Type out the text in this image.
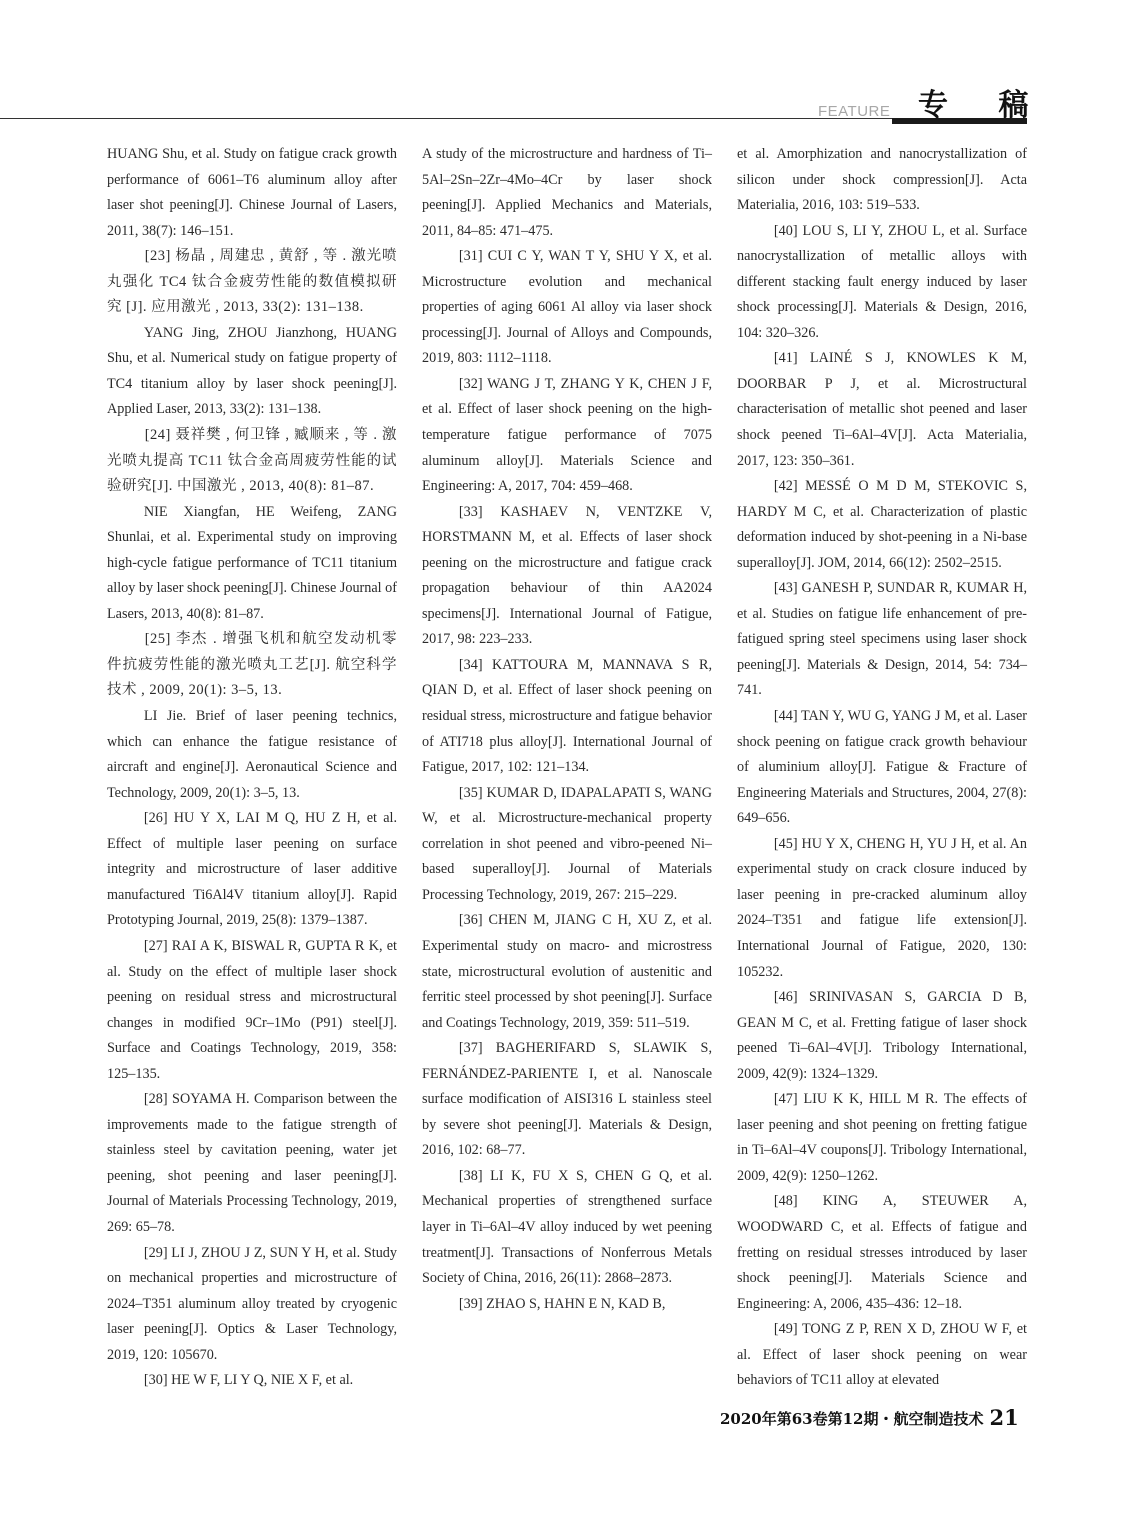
FEATURE 专 稿

HUANG Shu, et al. Study on fatigue crack growth performance of 6061–T6 aluminum alloy after laser shot peening[J]. Chinese Journal of Lasers, 2011, 38(7): 146–151.

[23] 杨晶 , 周建忠 , 黄舒 , 等 . 激光喷丸强化 TC4 钛合金疲劳性能的数值模拟研究 [J]. 应用激光 , 2013, 33(2): 131–138.

YANG Jing, ZHOU Jianzhong, HUANG Shu, et al. Numerical study on fatigue property of TC4 titanium alloy by laser shock peening[J]. Applied Laser, 2013, 33(2): 131–138.

[24] 聂祥樊 , 何卫锋 , 臧顺来 , 等 . 激光喷丸提高 TC11 钛合金高周疲劳性能的试验研究[J]. 中国激光 , 2013, 40(8): 81–87.

NIE Xiangfan, HE Weifeng, ZANG Shunlai, et al. Experimental study on improving high-cycle fatigue performance of TC11 titanium alloy by laser shock peening[J]. Chinese Journal of Lasers, 2013, 40(8): 81–87.

[25] 李杰 . 增强飞机和航空发动机零件抗疲劳性能的激光喷丸工艺[J]. 航空科学技术 , 2009, 20(1): 3–5, 13.

LI Jie. Brief of laser peening technics, which can enhance the fatigue resistance of aircraft and engine[J]. Aeronautical Science and Technology, 2009, 20(1): 3–5, 13.

[26] HU Y X, LAI M Q, HU Z H, et al. Effect of multiple laser peening on surface integrity and microstructure of laser additive manufactured Ti6Al4V titanium alloy[J]. Rapid Prototyping Journal, 2019, 25(8): 1379–1387.

[27] RAI A K, BISWAL R, GUPTA R K, et al. Study on the effect of multiple laser shock peening on residual stress and microstructural changes in modified 9Cr–1Mo (P91) steel[J]. Surface and Coatings Technology, 2019, 358: 125–135.

[28] SOYAMA H. Comparison between the improvements made to the fatigue strength of stainless steel by cavitation peening, water jet peening, shot peening and laser peening[J]. Journal of Materials Processing Technology, 2019, 269: 65–78.

[29] LI J, ZHOU J Z, SUN Y H, et al. Study on mechanical properties and microstructure of 2024–T351 aluminum alloy treated by cryogenic laser peening[J]. Optics & Laser Technology, 2019, 120: 105670.

[30] HE W F, LI Y Q, NIE X F, et al.

A study of the microstructure and hardness of Ti–5Al–2Sn–2Zr–4Mo–4Cr by laser shock peening[J]. Applied Mechanics and Materials, 2011, 84–85: 471–475.

[31] CUI C Y, WAN T Y, SHU Y X, et al. Microstructure evolution and mechanical properties of aging 6061 Al alloy via laser shock processing[J]. Journal of Alloys and Compounds, 2019, 803: 1112–1118.

[32] WANG J T, ZHANG Y K, CHEN J F, et al. Effect of laser shock peening on the high-temperature fatigue performance of 7075 aluminum alloy[J]. Materials Science and Engineering: A, 2017, 704: 459–468.

[33] KASHAEV N, VENTZKE V, HORSTMANN M, et al. Effects of laser shock peening on the microstructure and fatigue crack propagation behaviour of thin AA2024 specimens[J]. International Journal of Fatigue, 2017, 98: 223–233.

[34] KATTOURA M, MANNAVA S R, QIAN D, et al. Effect of laser shock peening on residual stress, microstructure and fatigue behavior of ATI718 plus alloy[J]. International Journal of Fatigue, 2017, 102: 121–134.

[35] KUMAR D, IDAPALAPATI S, WANG W, et al. Microstructure-mechanical property correlation in shot peened and vibro-peened Ni–based superalloy[J]. Journal of Materials Processing Technology, 2019, 267: 215–229.

[36] CHEN M, JIANG C H, XU Z, et al. Experimental study on macro- and microstress state, microstructural evolution of austenitic and ferritic steel processed by shot peening[J]. Surface and Coatings Technology, 2019, 359: 511–519.

[37] BAGHERIFARD S, SLAWIK S, FERNÁNDEZ-PARIENTE I, et al. Nanoscale surface modification of AISI316 L stainless steel by severe shot peening[J]. Materials & Design, 2016, 102: 68–77.

[38] LI K, FU X S, CHEN G Q, et al. Mechanical properties of strengthened surface layer in Ti–6Al–4V alloy induced by wet peening treatment[J]. Transactions of Nonferrous Metals Society of China, 2016, 26(11): 2868–2873.

[39] ZHAO S, HAHN E N, KAD B,

et al. Amorphization and nanocrystallization of silicon under shock compression[J]. Acta Materialia, 2016, 103: 519–533.

[40] LOU S, LI Y, ZHOU L, et al. Surface nanocrystallization of metallic alloys with different stacking fault energy induced by laser shock processing[J]. Materials & Design, 2016, 104: 320–326.

[41] LAINÉ S J, KNOWLES K M, DOORBAR P J, et al. Microstructural characterisation of metallic shot peened and laser shock peened Ti–6Al–4V[J]. Acta Materialia, 2017, 123: 350–361.

[42] MESSÉ O M D M, STEKOVIC S, HARDY M C, et al. Characterization of plastic deformation induced by shot-peening in a Ni-base superalloy[J]. JOM, 2014, 66(12): 2502–2515.

[43] GANESH P, SUNDAR R, KUMAR H, et al. Studies on fatigue life enhancement of pre-fatigued spring steel specimens using laser shock peening[J]. Materials & Design, 2014, 54: 734–741.

[44] TAN Y, WU G, YANG J M, et al. Laser shock peening on fatigue crack growth behaviour of aluminium alloy[J]. Fatigue & Fracture of Engineering Materials and Structures, 2004, 27(8): 649–656.

[45] HU Y X, CHENG H, YU J H, et al. An experimental study on crack closure induced by laser peening in pre-cracked aluminum alloy 2024–T351 and fatigue life extension[J]. International Journal of Fatigue, 2020, 130: 105232.

[46] SRINIVASAN S, GARCIA D B, GEAN M C, et al. Fretting fatigue of laser shock peened Ti–6Al–4V[J]. Tribology International, 2009, 42(9): 1324–1329.

[47] LIU K K, HILL M R. The effects of laser peening and shot peening on fretting fatigue in Ti–6Al–4V coupons[J]. Tribology International, 2009, 42(9): 1250–1262.

[48] KING A, STEUWER A, WOODWARD C, et al. Effects of fatigue and fretting on residual stresses introduced by laser shock peening[J]. Materials Science and Engineering: A, 2006, 435–436: 12–18.

[49] TONG Z P, REN X D, ZHOU W F, et al. Effect of laser shock peening on wear behaviors of TC11 alloy at elevated

2020年第63卷第12期・航空制造技术 21
